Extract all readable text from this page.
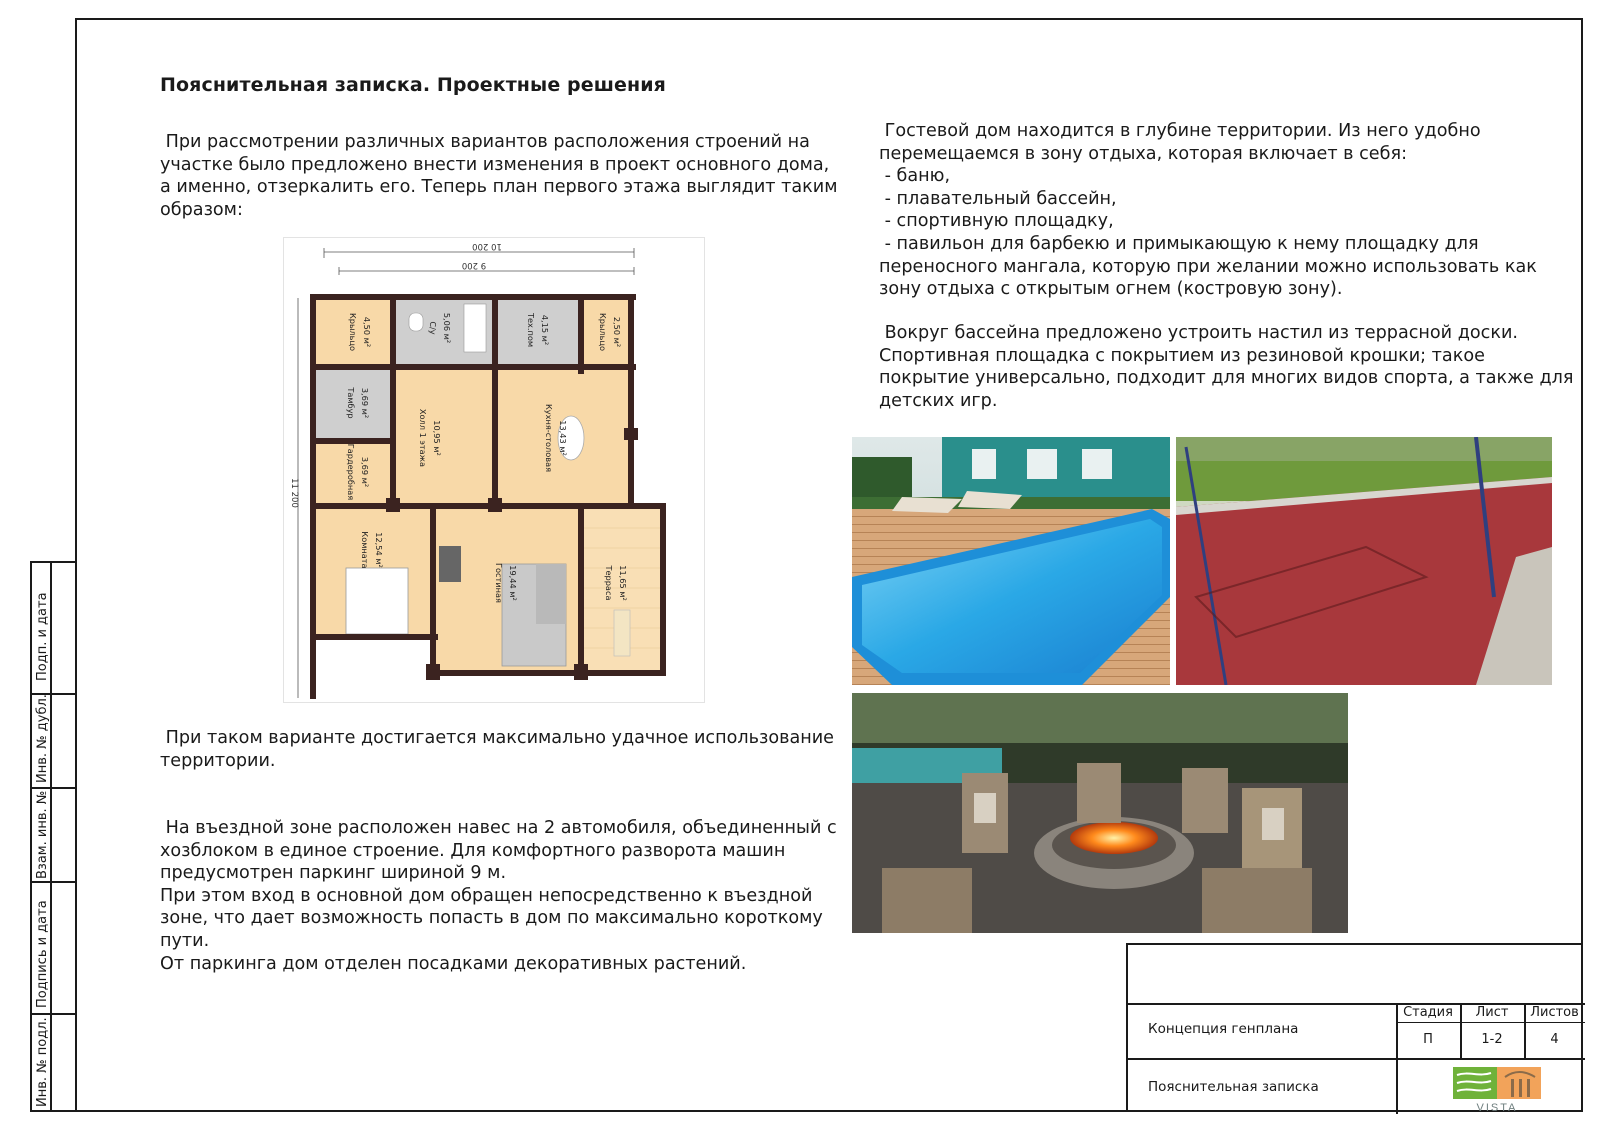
Подп. и дата
Инв. № дубл.
Взам. инв. №
Подпись и дата
Инв. № подл.
Пояснительная записка. Проектные решения
При рассмотрении различных вариантов расположения строений на участке было предложено внести изменения в проект основного дома, а именно, отзеркалить его. Теперь план первого этажа выглядит таким образом:
При таком варианте достигается максимально удачное использование территории.
На въездной зоне расположен навес на 2 автомобиля, объединенный с хозблоком в единое строение. Для комфортного разворота машин предусмотрен паркинг шириной 9 м.
При этом вход в основной дом обращен непосредственно к въездной зоне, что дает возможность попасть в дом по максимально короткому пути.
От паркинга дом отделен посадками декоративных растений.
Гостевой дом находится в глубине территории. Из него удобно перемещаемся в зону отдыха, которая включает в себя:
- баню,
- плавательный бассейн,
- спортивную площадку,
- павильон для барбекю и примыкающую к нему площадку для переносного мангала, которую при желании можно использовать как зону отдыха с открытым огнем (костровую зону).
Вокруг бассейна предложено устроить настил из террасной доски. Спортивная площадка с покрытием из резиновой крошки; такое покрытие универсально, подходит для многих видов спорта, а также для детских игр.
10 200
9 200
11 200
Крыльцо 4,50 м²	С/у 5,06 м²	Тех.пом 4,15 м²	Крыльцо 2,50 м²
Тамбур 3,69 м²
Холл 1 этажа 10,95 м²	Кухня-столовая 13,43 м²
Гардеробная 3,69 м²
Комната 12,54 м²
Гостиная 19,44 м²	Терраса 11,65 м²
Концепция генплана
Пояснительная записка
Стадия	Лист	Листов
П	1-2	4
VISTA
